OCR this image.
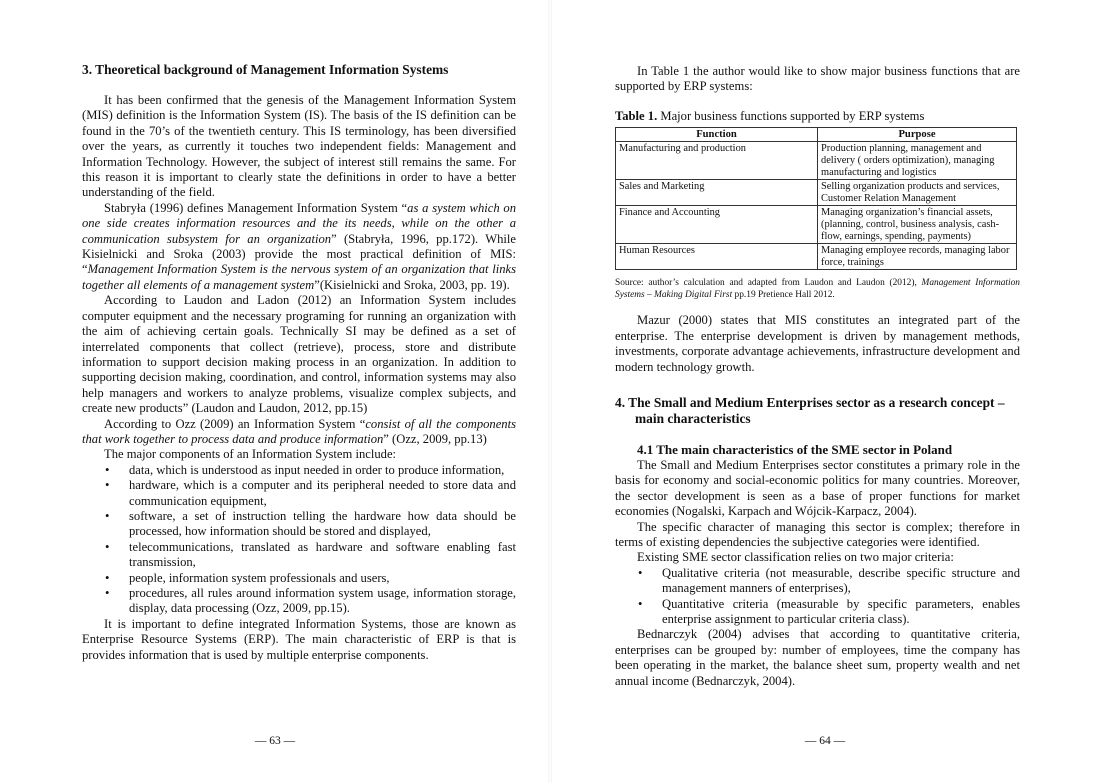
3. Theoretical background of Management Information Systems

It has been confirmed that the genesis of the Management Information System (MIS) definition is the Information System (IS). The basis of the IS definition can be found in the 70’s of the twentieth century. This IS terminology, has been diversified over the years, as currently it touches two independent fields: Management and Information Technology. However, the subject of interest still remains the same. For this reason it is important to clearly state the definitions in order to have a better understanding of the field.

Stabryła (1996) defines Management Information System “as a system which on one side creates information resources and the its needs, while on the other a communication subsystem for an organization” (Stabryła, 1996, pp.172). While Kisielnicki and Sroka (2003) provide the most practical definition of MIS: “Management Information System is the nervous system of an organization that links together all elements of a management system”(Kisielnicki and Sroka, 2003, pp. 19).

According to Laudon and Ladon (2012) an Information System includes computer equipment and the necessary programing for running an organization with the aim of achieving certain goals. Technically SI may be defined as a set of interrelated components that collect (retrieve), process, store and distribute information to support decision making process in an organization. In addition to supporting decision making, coordination, and control, information systems may also help managers and workers to analyze problems, visualize complex subjects, and create new products” (Laudon and Laudon, 2012, pp.15)

According to Ozz (2009) an Information System “consist of all the components that work together to process data and produce information” (Ozz, 2009, pp.13)

The major components of an Information System include:

• data, which is understood as input needed in order to produce information,
• hardware, which is a computer and its peripheral needed to store data and communication equipment,
• software, a set of instruction telling the hardware how data should be processed, how information should be stored and displayed,
• telecommunications, translated as hardware and software enabling fast transmission,
• people, information system professionals and users,
• procedures, all rules around information system usage, information storage, display, data processing (Ozz, 2009, pp.15).

It is important to define integrated Information Systems, those are known as Enterprise Resource Systems (ERP). The main characteristic of ERP is that is provides information that is used by multiple enterprise components.

— 63 —

In Table 1 the author would like to show major business functions that are supported by ERP systems:

Table 1. Major business functions supported by ERP systems
Function	Purpose
Manufacturing and production	Production planning, management and delivery ( orders optimization), managing manufacturing and logistics
Sales and Marketing	Selling organization products and services, Customer Relation Management
Finance and Accounting	Managing organization’s financial assets, (planning, control, business analysis, cash-flow, earnings, spending, payments)
Human Resources	Managing employee records, managing labor force, trainings
Source: author’s calculation and adapted from Laudon and Laudon (2012), Management Information Systems – Making Digital First pp.19 Pretience Hall 2012.

Mazur (2000) states that MIS constitutes an integrated part of the enterprise. The enterprise development is driven by management methods, investments, corporate advantage achievements, infrastructure development and modern technology growth.

4. The Small and Medium Enterprises sector as a research concept – main characteristics
4.1 The main characteristics of the SME sector in Poland

The Small and Medium Enterprises sector constitutes a primary role in the basis for economy and social-economic politics for many countries. Moreover, the sector development is seen as a base of proper functions for market economies (Nogalski, Karpach and Wójcik-Karpacz, 2004).

The specific character of managing this sector is complex; therefore in terms of existing dependencies the subjective categories were identified.

Existing SME sector classification relies on two major criteria:

• Qualitative criteria (not measurable, describe specific structure and management manners of enterprises),
• Quantitative criteria (measurable by specific parameters, enables enterprise assignment to particular criteria class).

Bednarczyk (2004) advises that according to quantitative criteria, enterprises can be grouped by: number of employees, time the company has been operating in the market, the balance sheet sum, property wealth and net annual income (Bednarczyk, 2004).

— 64 —
